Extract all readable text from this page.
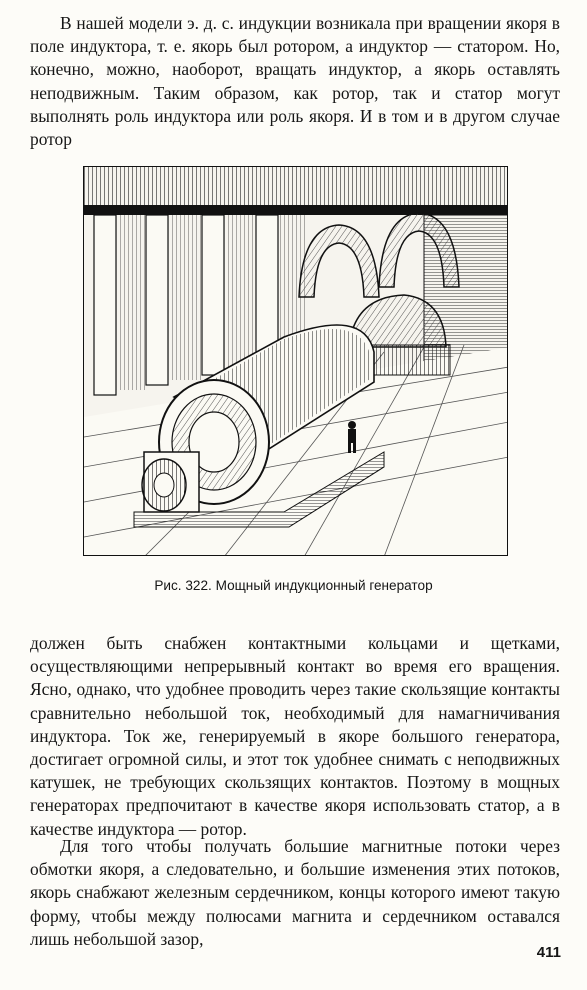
В нашей модели э. д. с. индукции возникала при вращении якоря в поле индуктора, т. е. якорь был ротором, а индуктор — статором. Но, конечно, можно, наоборот, вращать индуктор, а якорь оставлять неподвижным. Таким образом, как ротор, так и статор могут выполнять роль индуктора или роль якоря. И в том и в другом случае ротор

Рис. 322. Мощный индукционный генератор

должен быть снабжен контактными кольцами и щетками, осуществляющими непрерывный контакт во время его вращения. Ясно, однако, что удобнее проводить через такие скользящие контакты сравнительно небольшой ток, необходимый для намагничивания индуктора. Ток же, генерируемый в якоре большого генератора, достигает огромной силы, и этот ток удобнее снимать с неподвижных катушек, не требующих скользящих контактов. Поэтому в мощных генераторах предпочитают в качестве якоря использовать статор, а в качестве индуктора — ротор.

Для того чтобы получать большие магнитные потоки через обмотки якоря, а следовательно, и большие изменения этих потоков, якорь снабжают железным сердечником, концы которого имеют такую форму, чтобы между полюсами магнита и сердечником оставался лишь небольшой зазор,

411
